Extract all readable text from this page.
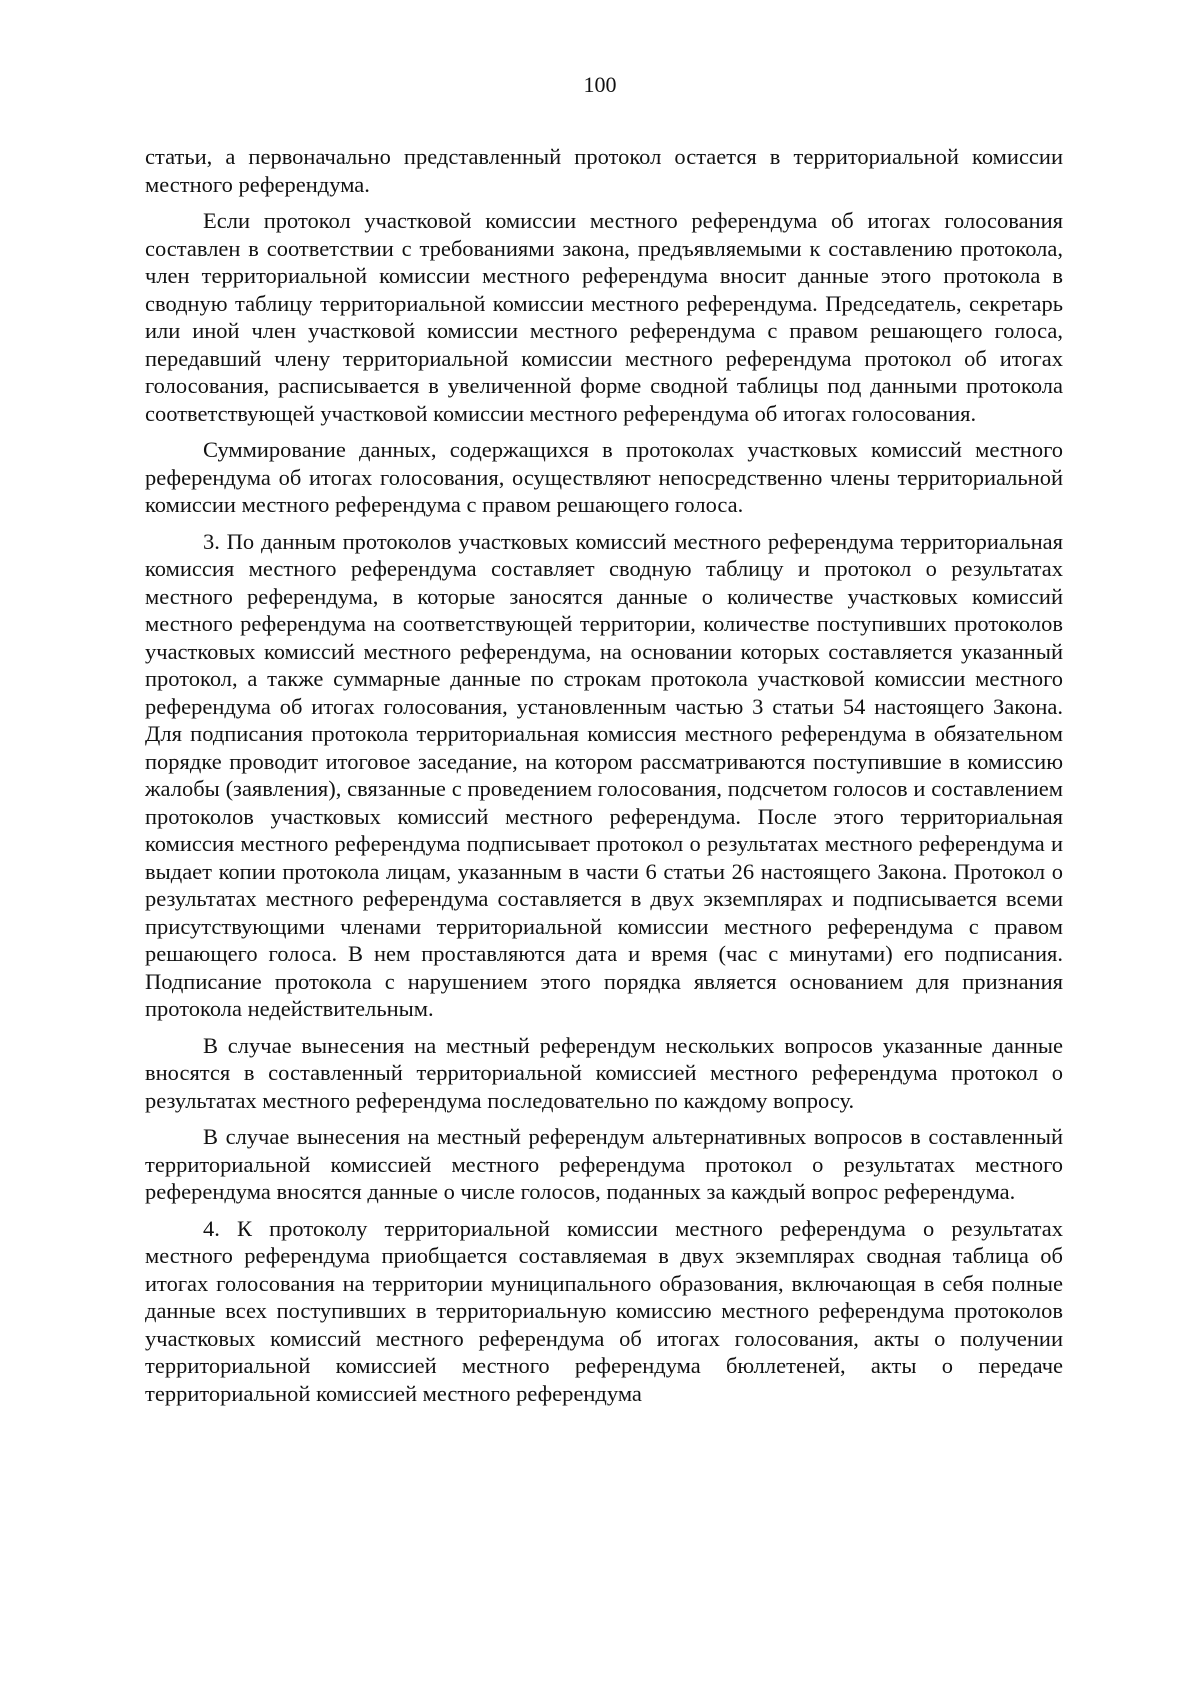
100

статьи, а первоначально представленный протокол остается в территориальной комиссии местного референдума.

Если протокол участковой комиссии местного референдума об итогах голосования составлен в соответствии с требованиями закона, предъявляемыми к составлению протокола, член территориальной комиссии местного референдума вносит данные этого протокола в сводную таблицу территориальной комиссии местного референдума. Председатель, секретарь или иной член участковой комиссии местного референдума с правом решающего голоса, передавший члену территориальной комиссии местного референдума протокол об итогах голосования, расписывается в увеличенной форме сводной таблицы под данными протокола соответствующей участковой комиссии местного референдума об итогах голосования.

Суммирование данных, содержащихся в протоколах участковых комиссий местного референдума об итогах голосования, осуществляют непосредственно члены территориальной комиссии местного референдума с правом решающего голоса.

3. По данным протоколов участковых комиссий местного референдума территориальная комиссия местного референдума составляет сводную таблицу и протокол о результатах местного референдума, в которые заносятся данные о количестве участковых комиссий местного референдума на соответствующей территории, количестве поступивших протоколов участковых комиссий местного референдума, на основании которых составляется указанный протокол, а также суммарные данные по строкам протокола участковой комиссии местного референдума об итогах голосования, установленным частью 3 статьи 54 настоящего Закона. Для подписания протокола территориальная комиссия местного референдума в обязательном порядке проводит итоговое заседание, на котором рассматриваются поступившие в комиссию жалобы (заявления), связанные с проведением голосования, подсчетом голосов и составлением протоколов участковых комиссий местного референдума. После этого территориальная комиссия местного референдума подписывает протокол о результатах местного референдума и выдает копии протокола лицам, указанным в части 6 статьи 26 настоящего Закона. Протокол о результатах местного референдума составляется в двух экземплярах и подписывается всеми присутствующими членами территориальной комиссии местного референдума с правом решающего голоса. В нем проставляются дата и время (час с минутами) его подписания. Подписание протокола с нарушением этого порядка является основанием для признания протокола недействительным.

В случае вынесения на местный референдум нескольких вопросов указанные данные вносятся в составленный территориальной комиссией местного референдума протокол о результатах местного референдума последовательно по каждому вопросу.

В случае вынесения на местный референдум альтернативных вопросов в составленный территориальной комиссией местного референдума протокол о результатах местного референдума вносятся данные о числе голосов, поданных за каждый вопрос референдума.

4. К протоколу территориальной комиссии местного референдума о результатах местного референдума приобщается составляемая в двух экземплярах сводная таблица об итогах голосования на территории муниципального образования, включающая в себя полные данные всех поступивших в территориальную комиссию местного референдума протоколов участковых комиссий местного референдума об итогах голосования, акты о получении территориальной комиссией местного референдума бюллетеней, акты о передаче территориальной комиссией местного референдума
